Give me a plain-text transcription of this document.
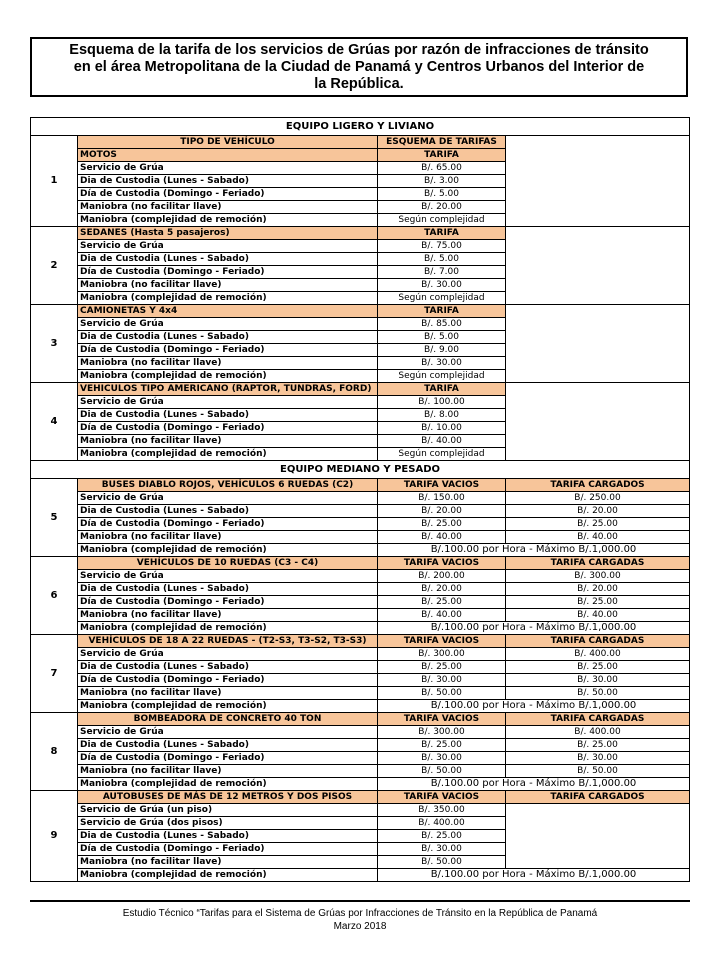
Esquema de la tarifa de los servicios de Grúas por razón de infracciones de tránsito
en el área Metropolitana de la Ciudad de Panamá y Centros Urbanos del Interior de
la República.
EQUIPO LIGERO Y LIVIANO			
1	TIPO DE VEHÍCULO	ESQUEMA DE TARIFAS	
	MOTOS	TARIFA	
	Servicio de Grúa	B/. 65.00	
	Dia de Custodia (Lunes - Sabado)	B/. 3.00	
	Día de Custodia (Domingo - Feriado)	B/. 5.00	
	Maniobra (no facilitar llave)	B/. 20.00	
	Maniobra (complejidad de remoción)	Según complejidad	
2	SEDANES (Hasta 5 pasajeros)	TARIFA	
	Servicio de Grúa	B/. 75.00	
	Dia de Custodia (Lunes - Sabado)	B/. 5.00	
	Día de Custodia (Domingo - Feriado)	B/. 7.00	
	Maniobra (no facilitar llave)	B/. 30.00	
	Maniobra (complejidad de remoción)	Según complejidad	
3	CAMIONETAS Y 4x4	TARIFA	
	Servicio de Grúa	B/. 85.00	
	Dia de Custodia (Lunes - Sabado)	B/. 5.00	
	Día de Custodia (Domingo - Feriado)	B/. 9.00	
	Maniobra (no facilitar llave)	B/. 30.00	
	Maniobra (complejidad de remoción)	Según complejidad	
4	VEHICULOS TIPO AMERICANO (RAPTOR, TUNDRAS, FORD)	TARIFA	
	Servicio de Grúa	B/. 100.00	
	Dia de Custodia (Lunes - Sabado)	B/. 8.00	
	Día de Custodia (Domingo - Feriado)	B/. 10.00	
	Maniobra (no facilitar llave)	B/. 40.00	
	Maniobra (complejidad de remoción)	Según complejidad	
EQUIPO MEDIANO Y PESADO			
5	BUSES DIABLO ROJOS, VEHÍCULOS 6 RUEDAS (C2)	TARIFA VACIOS	TARIFA CARGADOS
	Servicio de Grúa	B/. 150.00	B/. 250.00
	Dia de Custodia (Lunes - Sabado)	B/. 20.00	B/. 20.00
	Día de Custodia (Domingo - Feriado)	B/. 25.00	B/. 25.00
	Maniobra (no facilitar llave)	B/. 40.00	B/. 40.00
	Maniobra (complejidad de remoción)	B/.100.00 por Hora - Máximo B/.1,000.00	
6	VEHÍCULOS DE 10 RUEDAS (C3 - C4)	TARIFA VACIOS	TARIFA CARGADAS
	Servicio de Grúa	B/. 200.00	B/. 300.00
	Dia de Custodia (Lunes - Sabado)	B/. 20.00	B/. 20.00
	Día de Custodia (Domingo - Feriado)	B/. 25.00	B/. 25.00
	Maniobra (no facilitar llave)	B/. 40.00	B/. 40.00
	Maniobra (complejidad de remoción)	B/.100.00 por Hora - Máximo B/.1,000.00	
7	VEHÍCULOS DE 18 A 22 RUEDAS - (T2-S3, T3-S2, T3-S3)	TARIFA VACIOS	TARIFA CARGADAS
	Servicio de Grúa	B/. 300.00	B/. 400.00
	Dia de Custodia (Lunes - Sabado)	B/. 25.00	B/. 25.00
	Día de Custodia (Domingo - Feriado)	B/. 30.00	B/. 30.00
	Maniobra (no facilitar llave)	B/. 50.00	B/. 50.00
	Maniobra (complejidad de remoción)	B/.100.00 por Hora - Máximo B/.1,000.00	
8	BOMBEADORA DE CONCRETO 40 TON	TARIFA VACIOS	TARIFA CARGADAS
	Servicio de Grúa	B/. 300.00	B/. 400.00
	Dia de Custodia (Lunes - Sabado)	B/. 25.00	B/. 25.00
	Día de Custodia (Domingo - Feriado)	B/. 30.00	B/. 30.00
	Maniobra (no facilitar llave)	B/. 50.00	B/. 50.00
	Maniobra (complejidad de remoción)	B/.100.00 por Hora - Máximo B/.1,000.00	
9	AUTOBUSES DE MÁS DE 12 METROS Y DOS PISOS	TARIFA VACIOS	TARIFA CARGADOS
	Servicio de Grúa (un piso)	B/. 350.00	
	Servicio de Grúa (dos pisos)	B/. 400.00	
	Dia de Custodia (Lunes - Sabado)	B/. 25.00	
	Día de Custodia (Domingo - Feriado)	B/. 30.00	
	Maniobra (no facilitar llave)	B/. 50.00	
	Maniobra (complejidad de remoción)	B/.100.00 por Hora - Máximo B/.1,000.00	
Estudio Técnico “Tarifas para el Sistema de Grúas por Infracciones de Tránsito en la República de Panamá
Marzo 2018
